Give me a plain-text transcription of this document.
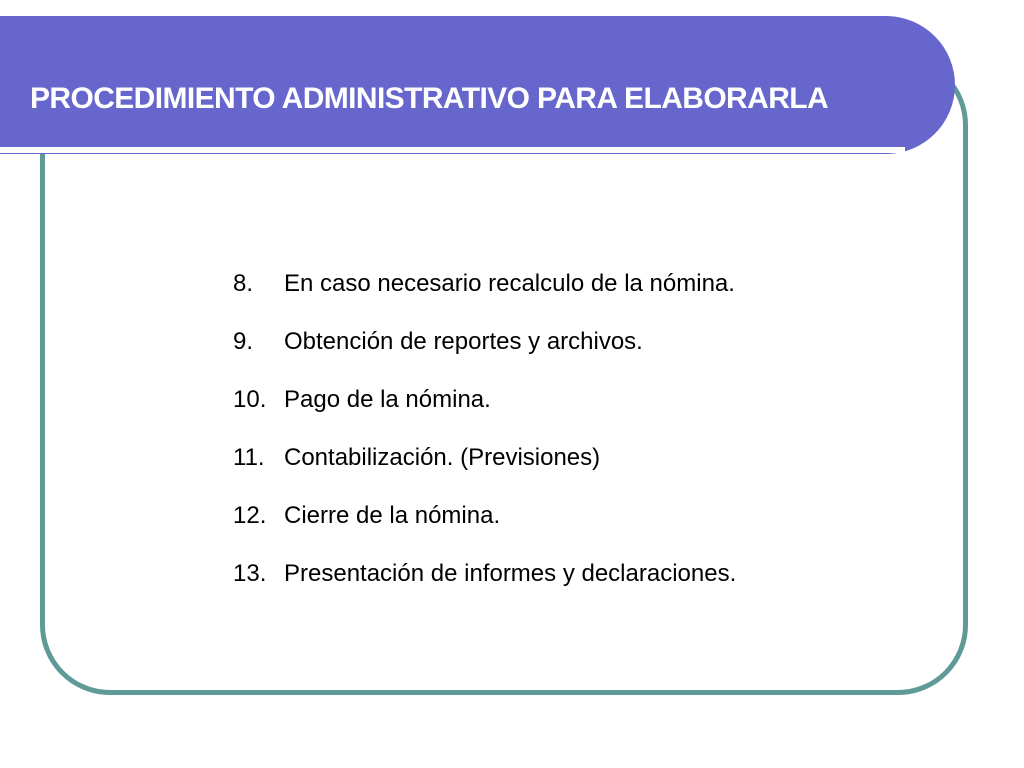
PROCEDIMIENTO ADMINISTRATIVO PARA ELABORARLA
8.	En caso necesario recalculo de la nómina.
9.	Obtención de reportes y archivos.
10. Pago de la nómina.
11. Contabilización. (Previsiones)
12. Cierre de la nómina.
13. Presentación de informes y declaraciones.
